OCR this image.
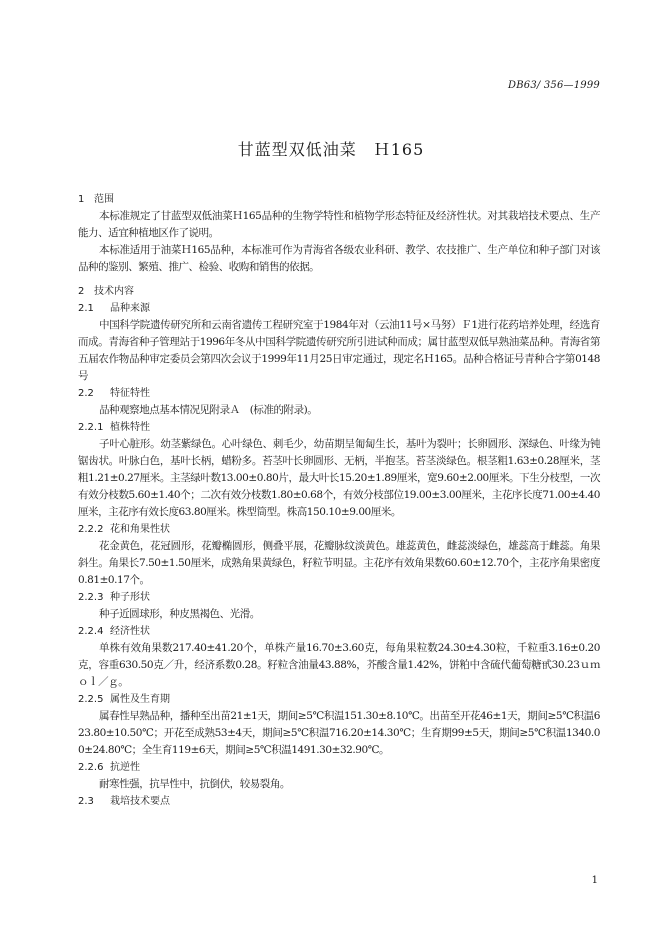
DB63/ 356—1999
甘蓝型双低油菜　Ｈ165
1 范围
本标准规定了甘蓝型双低油菜Ｈ165品种的生物学特性和植物学形态特征及经济性状。对其栽培技术要点、生产能力、适宜种植地区作了说明。
本标准适用于油菜Ｈ165品种，本标准可作为青海省各级农业科研、教学、农技推广、生产单位和种子部门对该品种的鉴别、繁殖、推广、检验、收购和销售的依据。
2 技术内容
2.1 品种来源
中国科学院遗传研究所和云南省遗传工程研究室于1984年对（云油11号×马努）Ｆ1进行花药培养处理，经选育而成。青海省种子管理站于1996年冬从中国科学院遗传研究所引进试种而成；属甘蓝型双低早熟油菜品种。青海省第五届农作物品种审定委员会第四次会议于1999年11月25日审定通过，现定名Ｈ165。品种合格证号青种合字第0148号
2.2 特征特性
品种观察地点基本情况见附录Ａ　(标准的附录)。
2.2.1 植株特性
子叶心脏形。幼茎紫绿色。心叶绿色、刺毛少，幼苗期呈匍匐生长，基叶为裂叶；长卵圆形、深绿色、叶缘为钝锯齿状。叶脉白色，基叶长柄，蜡粉多。苔茎叶长卵圆形、无柄，半抱茎。苔茎淡绿色。根茎粗1.63±0.28厘米，茎粗1.21±0.27厘米。主茎绿叶数13.00±0.80片，最大叶长15.20±1.89厘米，宽9.60±2.00厘米。下生分枝型，一次有效分枝数5.60±1.40个；二次有效分枝数1.80±0.68个，有效分枝部位19.00±3.00厘米，主花序长度71.00±4.40厘米，主花序有效长度63.80厘米。株型筒型。株高150.10±9.00厘米。
2.2.2 花和角果性状
花金黄色，花冠圆形，花瓣椭圆形，侧叠平展，花瓣脉纹淡黄色。雄蕊黄色，雌蕊淡绿色，雄蕊高于雌蕊。角果斜生。角果长7.50±1.50厘米，成熟角果黄绿色，籽粒节明显。主花序有效角果数60.60±12.70个，主花序角果密度0.81±0.17个。
2.2.3 种子形状
种子近圆球形，种皮黑褐色、光滑。
2.2.4 经济性状
单株有效角果数217.40±41.20个，单株产量16.70±3.60克，每角果粒数24.30±4.30粒，千粒重3.16±0.20克，容重630.50克／升，经济系数0.28。籽粒含油量43.88%，芥酸含量1.42%，饼粕中含硫代葡萄糖甙30.23ｕｍｏｌ／ｇ。
2.2.5 属性及生育期
属春性早熟品种，播种至出苗21±1天，期间≥5℃积温151.30±8.10℃。出苗至开花46±1天，期间≥5℃积温623.80±10.50℃；开花至成熟53±4天，期间≥5℃积温716.20±14.30℃；生育期99±5天，期间≥5℃积温1340.00±24.80℃；全生育119±6天，期间≥5℃积温1491.30±32.90℃。
2.2.6 抗逆性
耐寒性强，抗旱性中，抗倒伏，较易裂角。
2.3 栽培技术要点
1
